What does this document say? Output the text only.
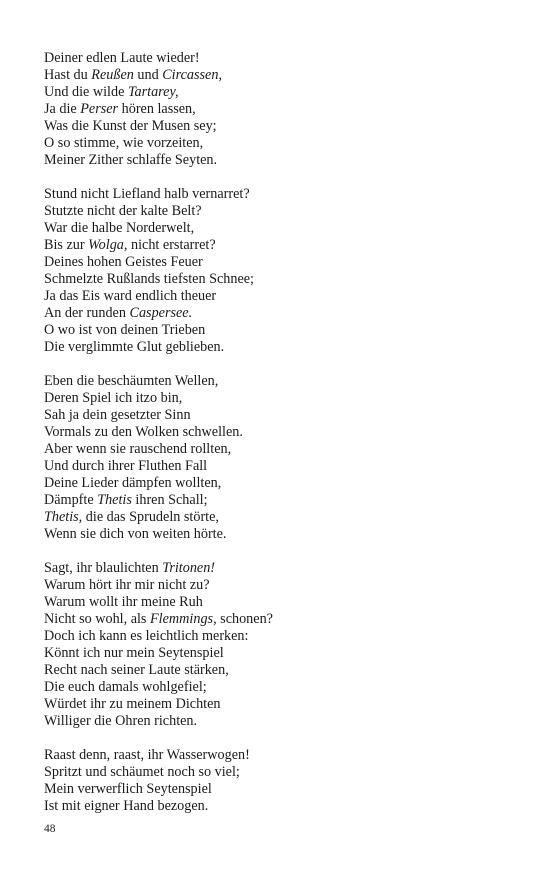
Deiner edlen Laute wieder!
Hast du Reußen und Circassen,
Und die wilde Tartarey,
Ja die Perser hören lassen,
Was die Kunst der Musen sey;
O so stimme, wie vorzeiten,
Meiner Zither schlaffe Seyten.
Stund nicht Liefland halb vernarret?
Stutzte nicht der kalte Belt?
War die halbe Norderwelt,
Bis zur Wolga, nicht erstarret?
Deines hohen Geistes Feuer
Schmelzte Rußlands tiefsten Schnee;
Ja das Eis ward endlich theuer
An der runden Caspersee.
O wo ist von deinen Trieben
Die verglimmte Glut geblieben.
Eben die beschäumten Wellen,
Deren Spiel ich itzo bin,
Sah ja dein gesetzter Sinn
Vormals zu den Wolken schwellen.
Aber wenn sie rauschend rollten,
Und durch ihrer Fluthen Fall
Deine Lieder dämpfen wollten,
Dämpfte Thetis ihren Schall;
Thetis, die das Sprudeln störte,
Wenn sie dich von weiten hörte.
Sagt, ihr blaulichten Tritonen!
Warum hört ihr mir nicht zu?
Warum wollt ihr meine Ruh
Nicht so wohl, als Flemmings, schonen?
Doch ich kann es leichtlich merken:
Könnt ich nur mein Seytenspiel
Recht nach seiner Laute stärken,
Die euch damals wohlgefiel;
Würdet ihr zu meinem Dichten
Williger die Ohren richten.
Raast denn, raast, ihr Wasserwogen!
Spritzt und schäumet noch so viel;
Mein verwerflich Seytenspiel
Ist mit eigner Hand bezogen.
48
